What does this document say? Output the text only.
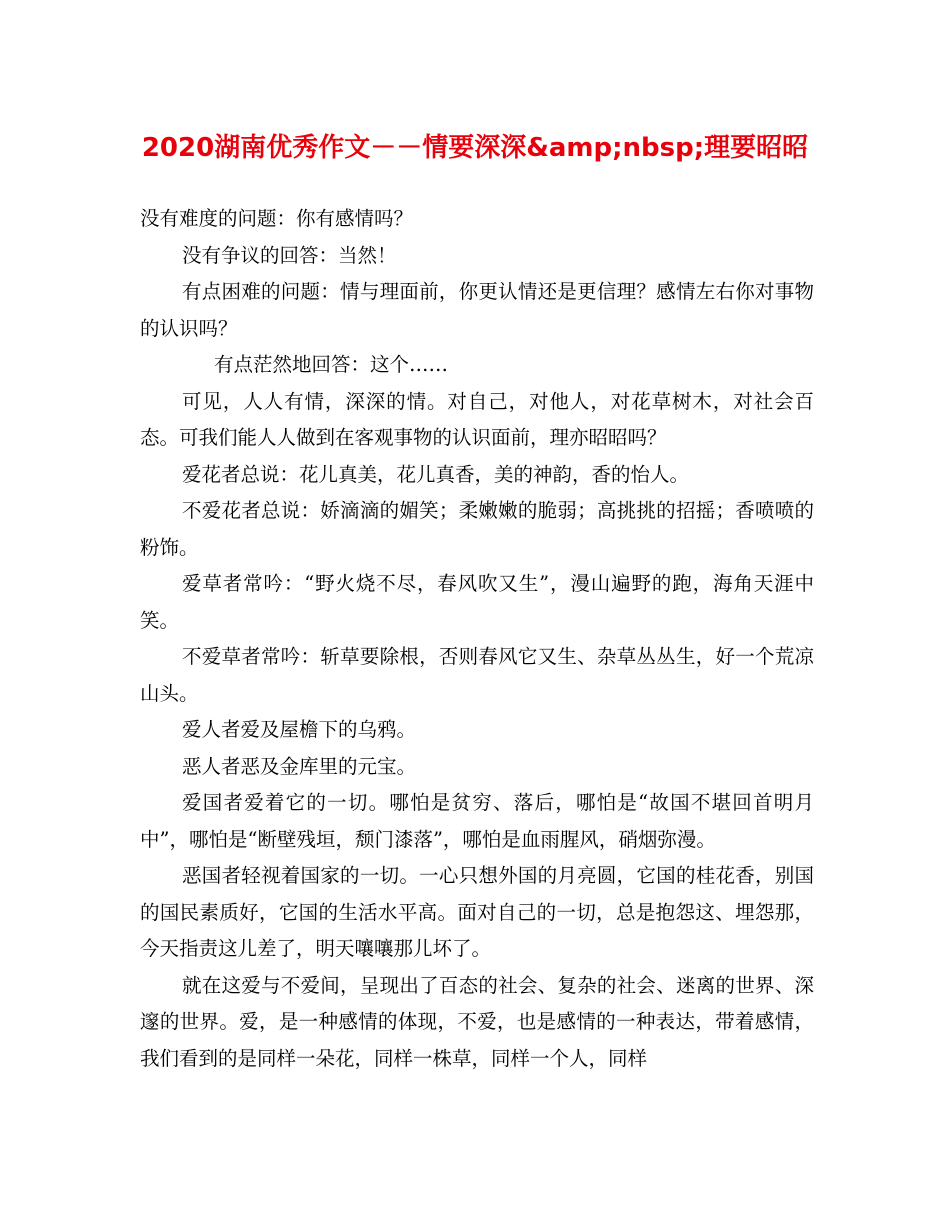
2020湖南优秀作文－－情要深深&amp;nbsp;理要昭昭

没有难度的问题：你有感情吗？

没有争议的回答：当然！

有点困难的问题：情与理面前，你更认情还是更信理？感情左右你对事物的认识吗？

有点茫然地回答：这个……

可见，人人有情，深深的情。对自己，对他人，对花草树木，对社会百态。可我们能人人做到在客观事物的认识面前，理亦昭昭吗？

爱花者总说：花儿真美，花儿真香，美的神韵，香的怡人。

不爱花者总说：娇滴滴的媚笑；柔嫩嫩的脆弱；高挑挑的招摇；香喷喷的粉饰。

爱草者常吟：“野火烧不尽，春风吹又生”，漫山遍野的跑，海角天涯中笑。

不爱草者常吟：斩草要除根，否则春风它又生、杂草丛丛生，好一个荒凉山头。

爱人者爱及屋檐下的乌鸦。

恶人者恶及金库里的元宝。

爱国者爱着它的一切。哪怕是贫穷、落后，哪怕是“故国不堪回首明月中”，哪怕是“断壁残垣，颓门漆落”，哪怕是血雨腥风，硝烟弥漫。

恶国者轻视着国家的一切。一心只想外国的月亮圆，它国的桂花香，别国的国民素质好，它国的生活水平高。面对自己的一切，总是抱怨这、埋怨那，今天指责这儿差了，明天嚷嚷那儿坏了。

就在这爱与不爱间，呈现出了百态的社会、复杂的社会、迷离的世界、深邃的世界。爱，是一种感情的体现，不爱，也是感情的一种表达，带着感情，我们看到的是同样一朵花，同样一株草，同样一个人，同样
